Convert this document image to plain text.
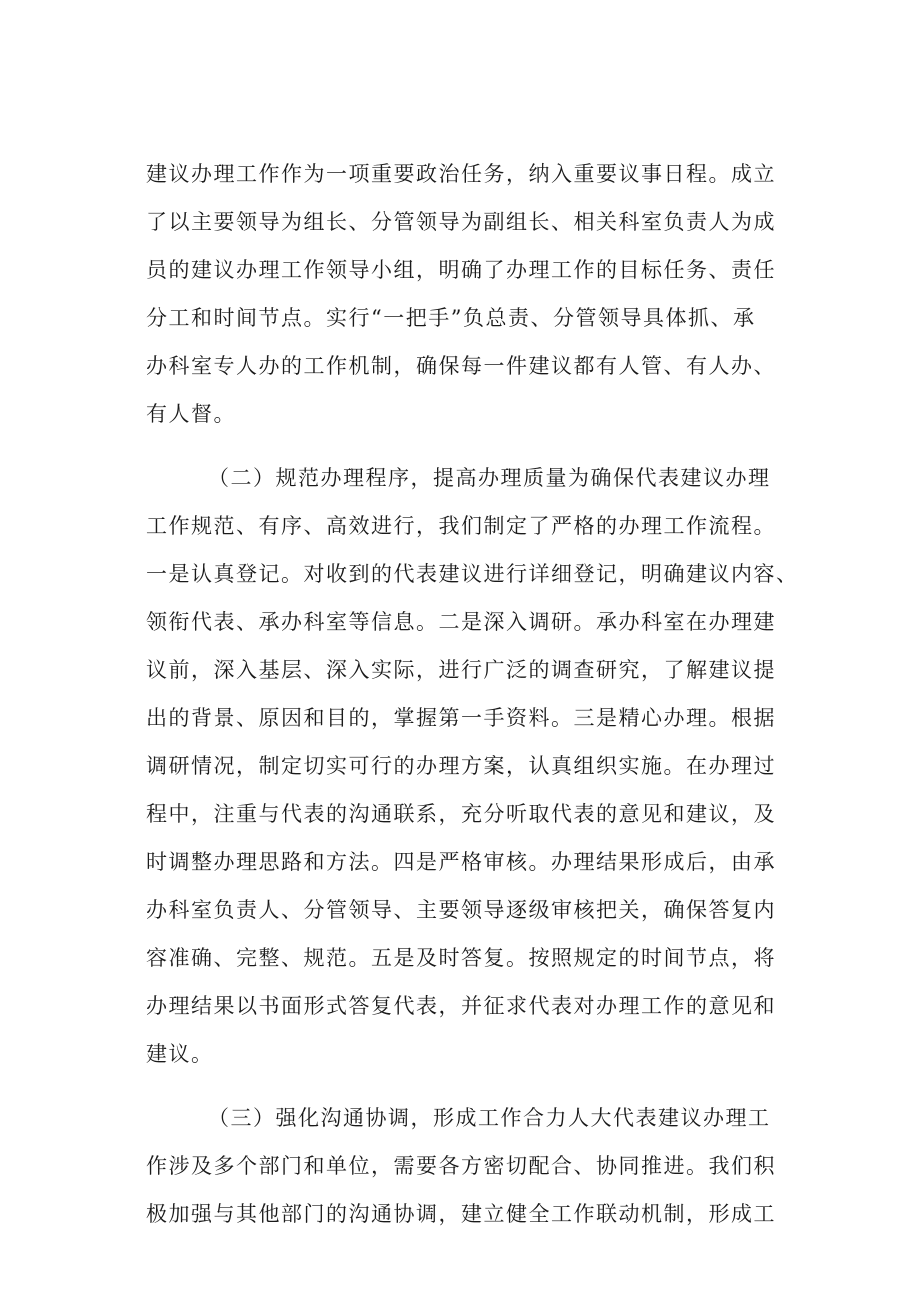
建议办理工作作为一项重要政治任务，纳入重要议事日程。成立
了以主要领导为组长、分管领导为副组长、相关科室负责人为成
员的建议办理工作领导小组，明确了办理工作的目标任务、责任
分工和时间节点。实行“一把手”负总责、分管领导具体抓、承
办科室专人办的工作机制，确保每一件建议都有人管、有人办、
有人督。
（二）规范办理程序，提高办理质量为确保代表建议办理
工作规范、有序、高效进行，我们制定了严格的办理工作流程。
一是认真登记。对收到的代表建议进行详细登记，明确建议内容、
领衔代表、承办科室等信息。二是深入调研。承办科室在办理建
议前，深入基层、深入实际，进行广泛的调查研究，了解建议提
出的背景、原因和目的，掌握第一手资料。三是精心办理。根据
调研情况，制定切实可行的办理方案，认真组织实施。在办理过
程中，注重与代表的沟通联系，充分听取代表的意见和建议，及
时调整办理思路和方法。四是严格审核。办理结果形成后，由承
办科室负责人、分管领导、主要领导逐级审核把关，确保答复内
容准确、完整、规范。五是及时答复。按照规定的时间节点，将
办理结果以书面形式答复代表，并征求代表对办理工作的意见和
建议。
（三）强化沟通协调，形成工作合力人大代表建议办理工
作涉及多个部门和单位，需要各方密切配合、协同推进。我们积
极加强与其他部门的沟通协调，建立健全工作联动机制，形成工
